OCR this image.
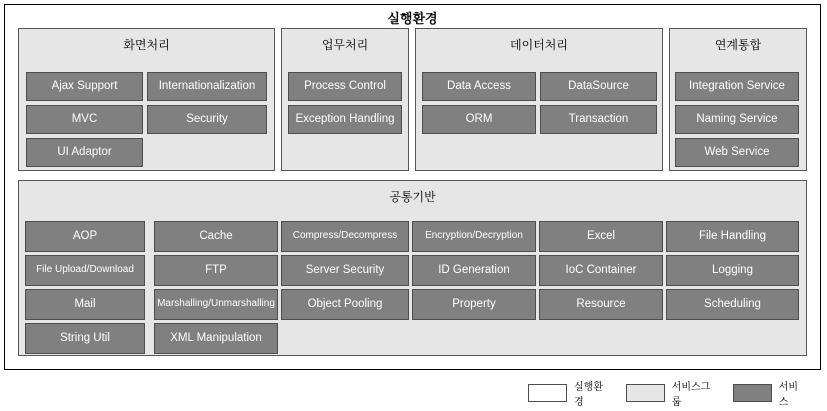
실행환경
화면처리	업무처리	데이터처리	연계통합
공통기반
실행환경
서비스그룹
서비스
Ajax Support	Internationalization
MVC	Security
UI Adaptor
Process Control
Exception Handling
Data Access	DataSource
ORM	Transaction
Integration Service
Naming Service
Web Service
AOP	Cache	Compress/Decompress	Encryption/Decryption	Excel	File Handling
File Upload/Download	FTP	Server Security	ID Generation	IoC Container	Logging
Mail	Marshalling/Unmarshalling	Object Pooling	Property	Resource	Scheduling
String Util	XML Manipulation
